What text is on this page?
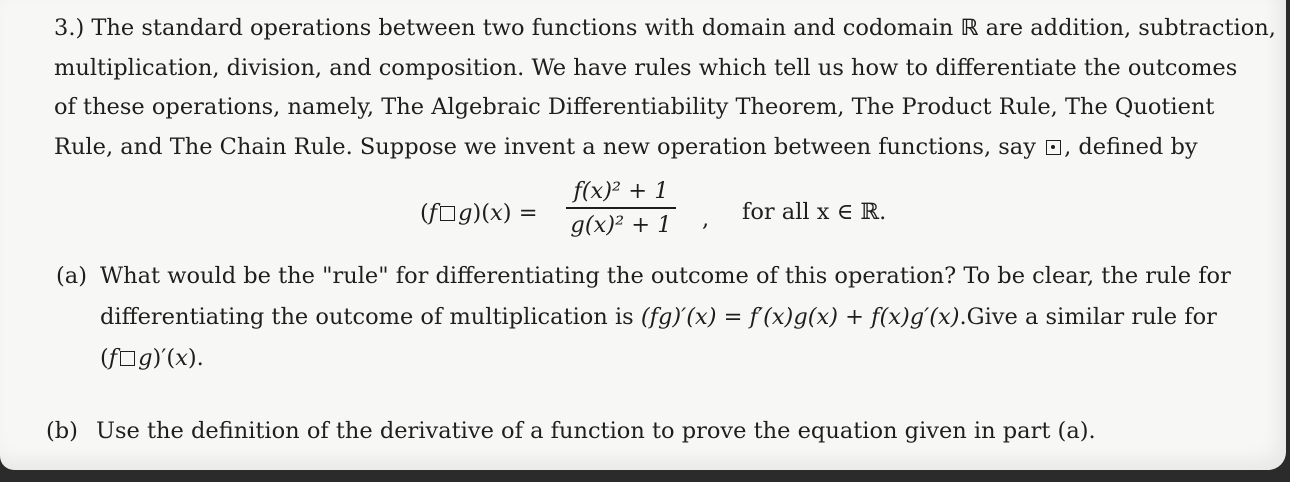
3.) The standard operations between two functions with domain and codomain ℝ are addition, subtraction,
multiplication, division, and composition. We have rules which tell us how to differentiate the outcomes
of these operations, namely, The Algebraic Differentiability Theorem, The Product Rule, The Quotient
Rule, and The Chain Rule. Suppose we invent a new operation between functions, say , defined by
(f g)(x) =
f(x)² + 1
g(x)² + 1 , for all x ∈ ℝ.
(a) What would be the "rule" for differentiating the outcome of this operation? To be clear, the rule for
differentiating the outcome of multiplication is (fg)′(x) = f′(x)g(x) + f(x)g′(x).Give a similar rule for
(f g)′(x).
(b) Use the definition of the derivative of a function to prove the equation given in part (a).
